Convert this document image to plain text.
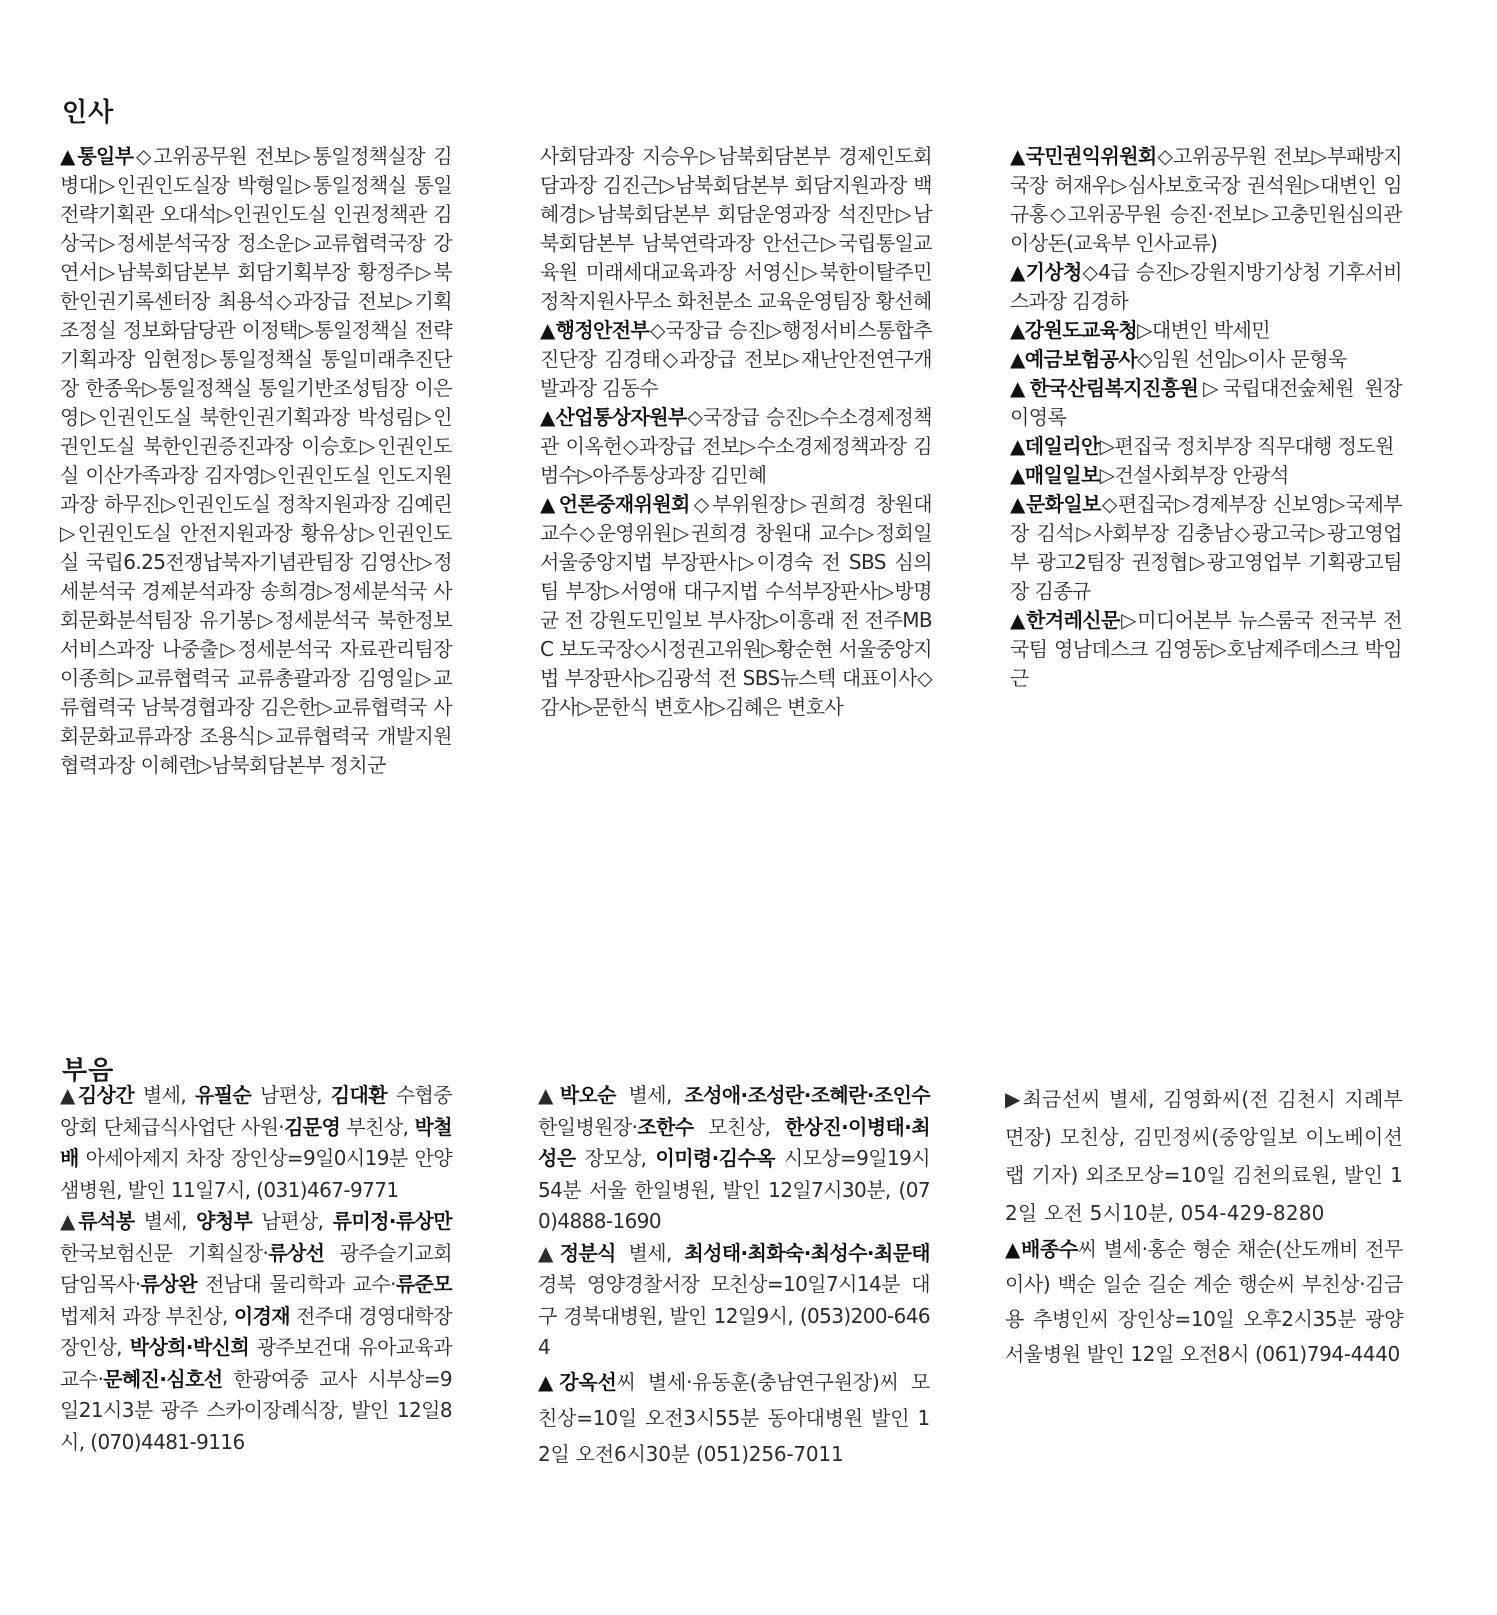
인사

▲통일부◇고위공무원 전보▷통일정책실장 김병대▷인권인도실장 박형일▷통일정책실 통일전략기획관 오대석▷인권인도실 인권정책관 김상국▷정세분석국장 정소운▷교류협력국장 강연서▷남북회담본부 회담기획부장 황정주▷북한인권기록센터장 최용석◇과장급 전보▷기획조정실 정보화담당관 이정택▷통일정책실 전략기획과장 임현정▷통일정책실 통일미래추진단장 한종욱▷통일정책실 통일기반조성팀장 이은영▷인권인도실 북한인권기획과장 박성림▷인권인도실 북한인권증진과장 이승호▷인권인도실 이산가족과장 김자영▷인권인도실 인도지원과장 하무진▷인권인도실 정착지원과장 김예린▷인권인도실 안전지원과장 황유상▷인권인도실 국립6.25전쟁납북자기념관팀장 김영산▷정세분석국 경제분석과장 송희경▷정세분석국 사회문화분석팀장 유기봉▷정세분석국 북한정보서비스과장 나중출▷정세분석국 자료관리팀장 이종희▷교류협력국 교류총괄과장 김영일▷교류협력국 남북경협과장 김은한▷교류협력국 사회문화교류과장 조용식▷교류협력국 개발지원협력과장 이혜련▷남북회담본부 정치군

사회담과장 지승우▷남북회담본부 경제인도회담과장 김진근▷남북회담본부 회담지원과장 백혜경▷남북회담본부 회담운영과장 석진만▷남북회담본부 남북연락과장 안선근▷국립통일교육원 미래세대교육과장 서영신▷북한이탈주민정착지원사무소 화천분소 교육운영팀장 황선혜

▲행정안전부◇국장급 승진▷행정서비스통합추진단장 김경태◇과장급 전보▷재난안전연구개발과장 김동수

▲산업통상자원부◇국장급 승진▷수소경제정책관 이옥헌◇과장급 전보▷수소경제정책과장 김범수▷아주통상과장 김민혜

▲언론중재위원회◇부위원장▷권희경 창원대 교수◇운영위원▷권희경 창원대 교수▷정회일 서울중앙지법 부장판사▷이경숙 전 SBS 심의팀 부장▷서영애 대구지법 수석부장판사▷방명균 전 강원도민일보 부사장▷이흥래 전 전주MBC 보도국장◇시정권고위원▷황순현 서울중앙지법 부장판사▷김광석 전 SBS뉴스텍 대표이사◇감사▷문한식 변호사▷김혜은 변호사

▲국민권익위원회◇고위공무원 전보▷부패방지국장 허재우▷심사보호국장 권석원▷대변인 임규홍◇고위공무원 승진·전보▷고충민원심의관 이상돈(교육부 인사교류)

▲기상청◇4급 승진▷강원지방기상청 기후서비스과장 김경하

▲강원도교육청▷대변인 박세민

▲예금보험공사◇임원 선임▷이사 문형욱

▲한국산림복지진흥원▷국립대전숲체원 원장 이영록

▲데일리안▷편집국 정치부장 직무대행 정도원

▲매일일보▷건설사회부장 안광석

▲문화일보◇편집국▷경제부장 신보영▷국제부장 김석▷사회부장 김충남◇광고국▷광고영업부 광고2팀장 권정협▷광고영업부 기획광고팀장 김종규

▲한겨레신문▷미디어본부 뉴스룸국 전국부 전국팀 영남데스크 김영동▷호남제주데스크 박임근

부음

▲김상간 별세, 유필순 남편상, 김대환 수협중앙회 단체급식사업단 사원·김문영 부친상, 박철배 아세아제지 차장 장인상=9일0시19분 안양샘병원, 발인 11일7시, (031)467-9771

▲류석봉 별세, 양청부 남편상, 류미정·류상만 한국보험신문 기획실장·류상선 광주슬기교회 담임목사·류상완 전남대 물리학과 교수·류준모 법제처 과장 부친상, 이경재 전주대 경영대학장 장인상, 박상희·박신희 광주보건대 유아교육과 교수·문혜진·심호선 한광여중 교사 시부상=9일21시3분 광주 스카이장례식장, 발인 12일8시, (070)4481-9116

▲박오순 별세, 조성애·조성란·조혜란·조인수 한일병원장·조한수 모친상, 한상진·이병태·최성은 장모상, 이미령·김수옥 시모상=9일19시54분 서울 한일병원, 발인 12일7시30분, (070)4888-1690

▲정분식 별세, 최성태·최화숙·최성수·최문태 경북 영양경찰서장 모친상=10일7시14분 대구 경북대병원, 발인 12일9시, (053)200-6464

▲강옥선씨 별세·유동훈(충남연구원장)씨 모친상=10일 오전3시55분 동아대병원 발인 12일 오전6시30분 (051)256-7011

▶최금선씨 별세, 김영화씨(전 김천시 지례부면장) 모친상, 김민정씨(중앙일보 이노베이션랩 기자) 외조모상=10일 김천의료원, 발인 12일 오전 5시10분, 054-429-8280

▲배종수씨 별세·홍순 형순 채순(산도깨비 전무이사) 백순 일순 길순 계순 행순씨 부친상·김금용 추병인씨 장인상=10일 오후2시35분 광양서울병원 발인 12일 오전8시 (061)794-4440
